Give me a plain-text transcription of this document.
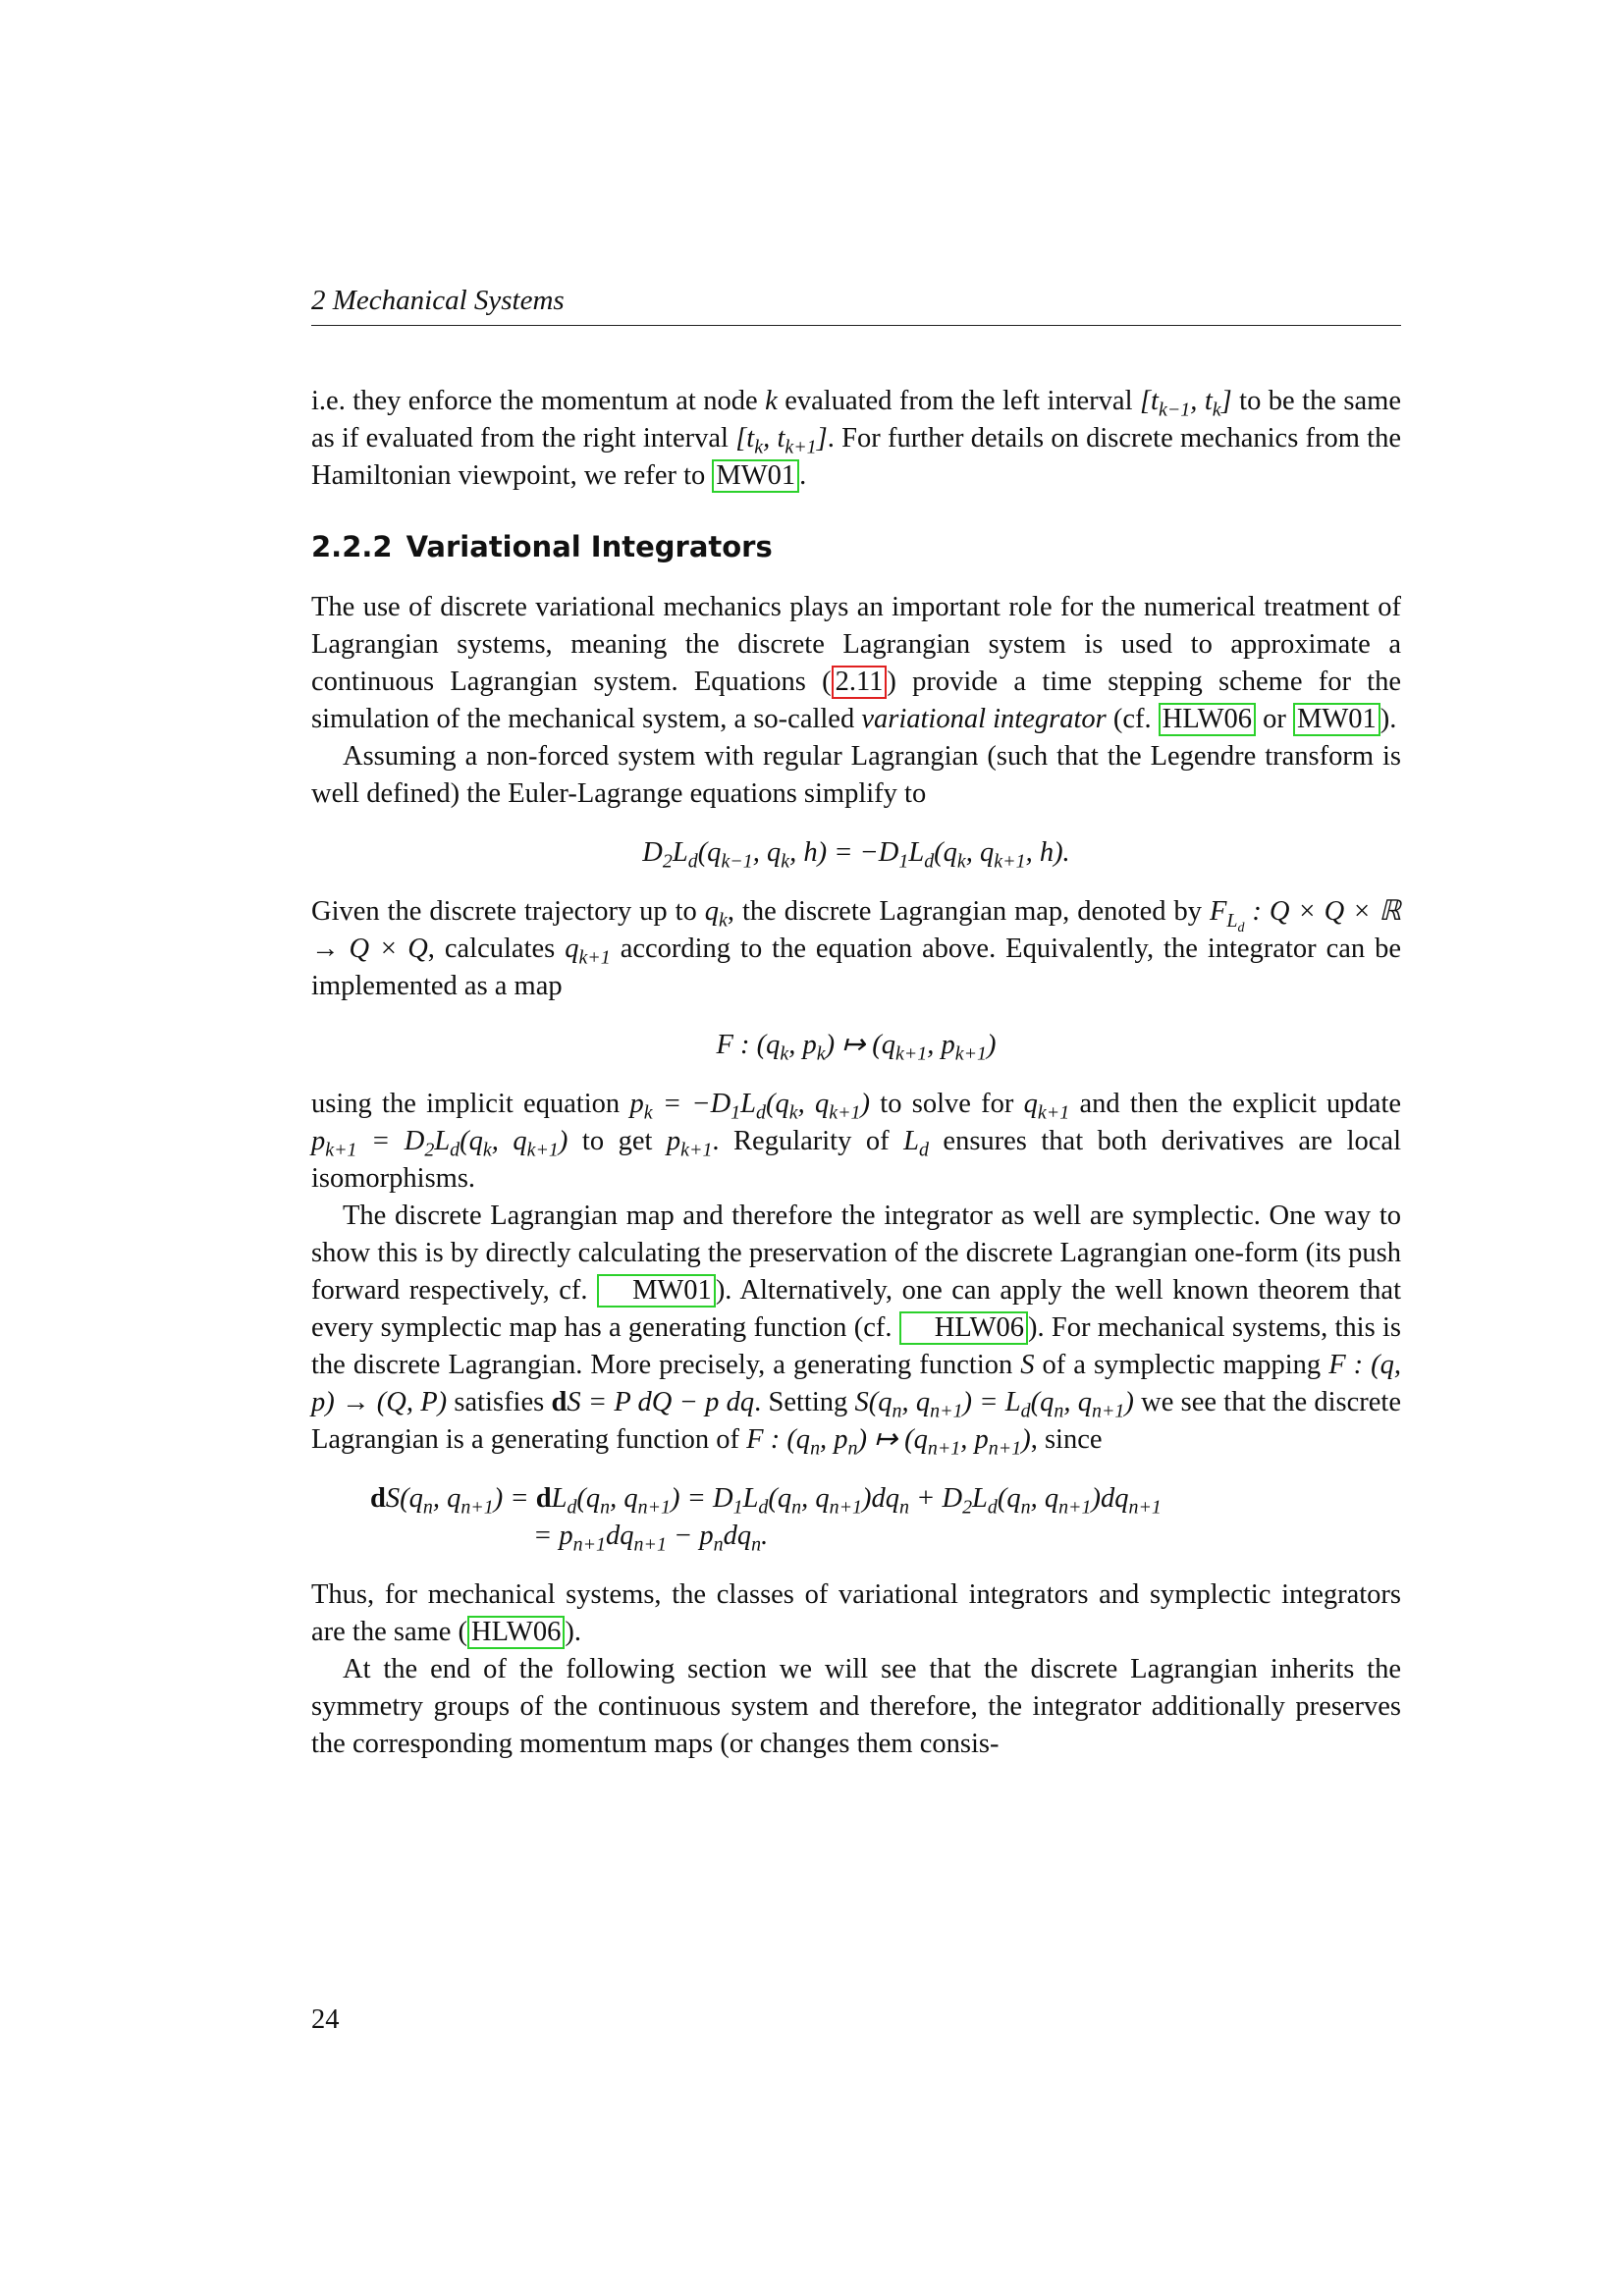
2 Mechanical Systems

i.e. they enforce the momentum at node k evaluated from the left interval [$t_{k-1}$, $t_k$] to be the same as if evaluated from the right interval [$t_k$, $t_{k+1}$]. For further details on discrete mechanics from the Hamiltonian viewpoint, we refer to MW01 .

2.2.2 Variational Integrators

The use of discrete variational mechanics plays an important role for the numerical treatment of Lagrangian systems, meaning the discrete Lagrangian system is used to approximate a continuous Lagrangian system. Equations ( 2.11 ) provide a time stepping scheme for the simulation of the mechanical system, a so-called variational integrator (cf. HLW06 or MW01 ).

Assuming a non-forced system with regular Lagrangian (such that the Legendre transform is well defined) the Euler-Lagrange equations simplify to

$D_2L_d(q_{k-1}$, $q_k$, $h) = -D_1L_d(q_k$, $q_{k+1}$, h).

Given the discrete trajectory up to $q_k$, the discrete Lagrangian map, denoted by $F_{L_d}$ : Q × Q × ℝ → Q × Q, calculates $q_{k+1}$ according to the equation above. Equivalently, the integrator can be implemented as a map

F : ($q_k$, $p_k$) ↦ ($q_{k+1}$, $p_{k+1}$)

using the implicit equation $p_k = -D_1L_d(q_k$, $q_{k+1}$) to solve for $q_{k+1}$ and then the explicit update $p_{k+1} = D_2L_d(q_k$, $q_{k+1}$) to get $p_{k+1}$. Regularity of $L_d$ ensures that both derivatives are local isomorphisms.

The discrete Lagrangian map and therefore the integrator as well are symplectic. One way to show this is by directly calculating the preservation of the discrete Lagrangian one-form (its push forward respectively, cf. MW01 ). Alternatively, one can apply the well known theorem that every symplectic map has a generating function (cf. HLW06 ). For mechanical systems, this is the discrete Lagrangian. More precisely, a generating function S of a symplectic mapping F : (q, p) → (Q, P) satisfies dS = P dQ − p dq. Setting $S(q_n$, $q_{n+1}) = L_d(q_n$, $q_{n+1}$) we see that the discrete Lagrangian is a generating function of F : ($q_n$, $p_n$) ↦ ($q_{n+1}$, $p_{n+1}$), since

$dS(q_n$, $q_{n+1}) = dL_d(q_n$, $q_{n+1}) = D_1L_d(q_n$, $q_{n+1})dq_n + D_2L_d(q_n$, $q_{n+1})dq_{n+1}$
= $p_{n+1}dq_{n+1} - p_ndq_n$.

Thus, for mechanical systems, the classes of variational integrators and symplectic integrators are the same ( HLW06 ).

At the end of the following section we will see that the discrete Lagrangian inherits the symmetry groups of the continuous system and therefore, the integrator additionally preserves the corresponding momentum maps (or changes them consis-

24
